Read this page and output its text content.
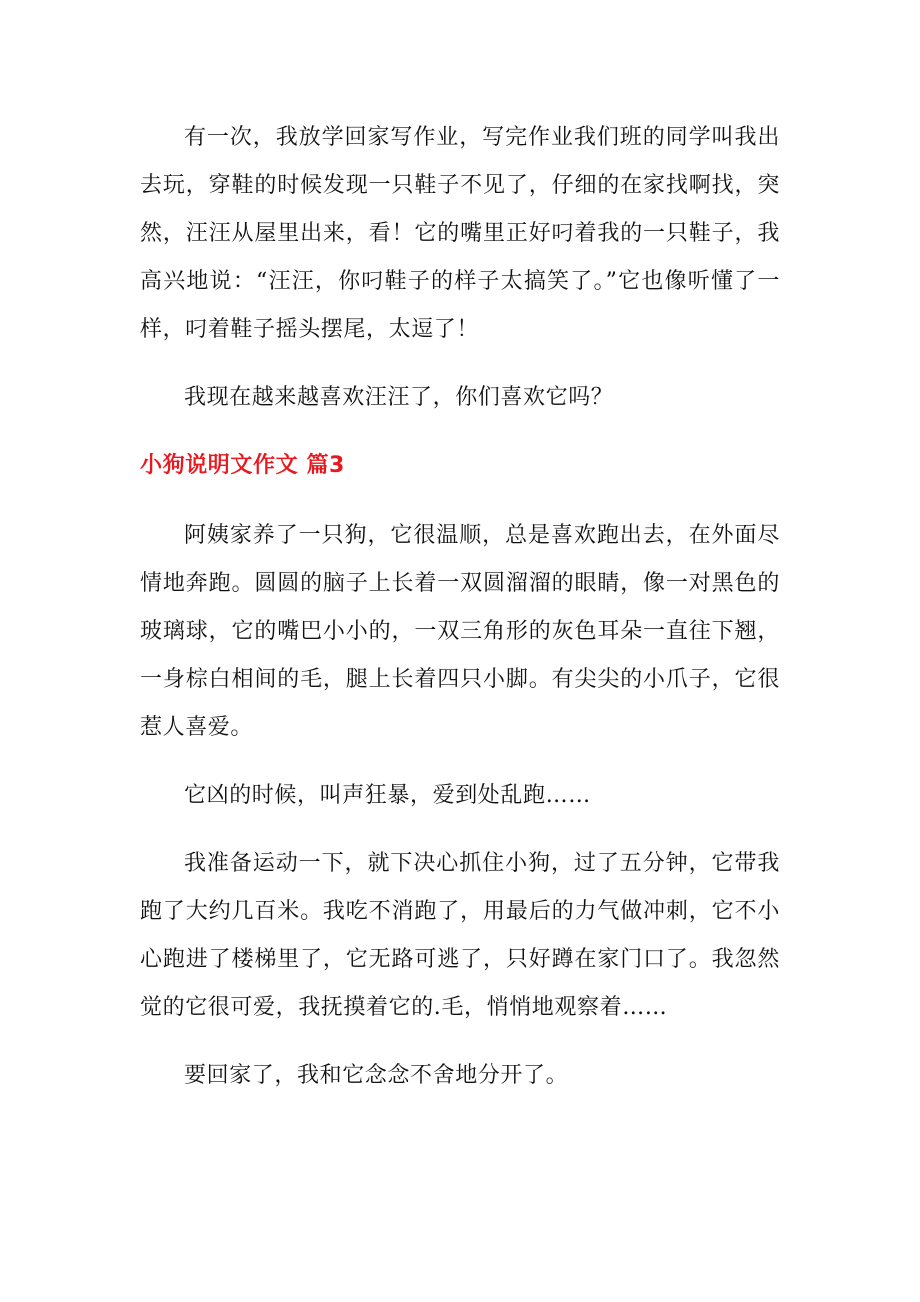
有一次，我放学回家写作业，写完作业我们班的同学叫我出去玩，穿鞋的时候发现一只鞋子不见了，仔细的在家找啊找，突然，汪汪从屋里出来，看！它的嘴里正好叼着我的一只鞋子，我高兴地说：“汪汪，你叼鞋子的样子太搞笑了。”它也像听懂了一样，叼着鞋子摇头摆尾，太逗了！

我现在越来越喜欢汪汪了，你们喜欢它吗？

小狗说明文作文 篇3

阿姨家养了一只狗，它很温顺，总是喜欢跑出去，在外面尽情地奔跑。圆圆的脑子上长着一双圆溜溜的眼睛，像一对黑色的玻璃球，它的嘴巴小小的，一双三角形的灰色耳朵一直往下翘，一身棕白相间的毛，腿上长着四只小脚。有尖尖的小爪子，它很惹人喜爱。

它凶的时候，叫声狂暴，爱到处乱跑……

我准备运动一下，就下决心抓住小狗，过了五分钟，它带我跑了大约几百米。我吃不消跑了，用最后的力气做冲刺，它不小心跑进了楼梯里了，它无路可逃了，只好蹲在家门口了。我忽然觉的它很可爱，我抚摸着它的.毛，悄悄地观察着……

要回家了，我和它念念不舍地分开了。
